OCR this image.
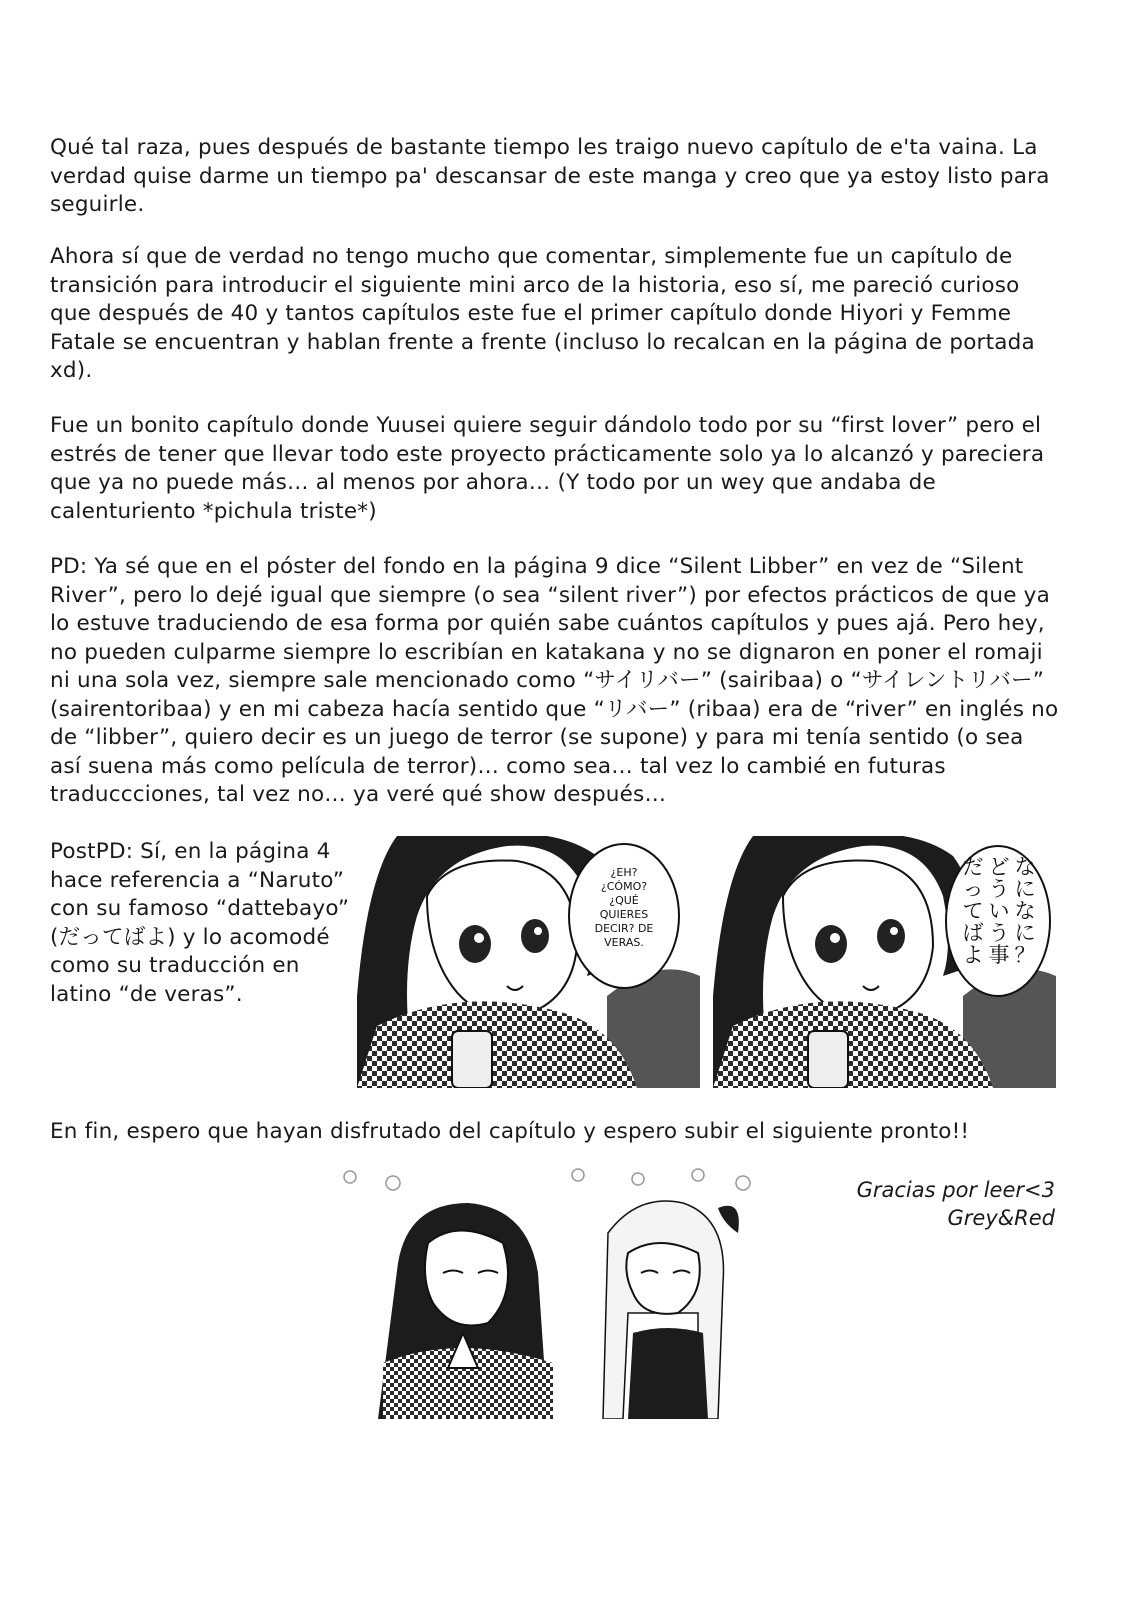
Qué tal raza, pues después de bastante tiempo les traigo nuevo capítulo de e'ta vaina. La verdad quise darme un tiempo pa' descansar de este manga y creo que ya estoy listo para seguirle.

Ahora sí que de verdad no tengo mucho que comentar, simplemente fue un capítulo de transición para introducir el siguiente mini arco de la historia, eso sí, me pareció curioso que después de 40 y tantos capítulos este fue el primer capítulo donde Hiyori y Femme Fatale se encuentran y hablan frente a frente (incluso lo recalcan en la página de portada xd).

Fue un bonito capítulo donde Yuusei quiere seguir dándolo todo por su “first lover” pero el estrés de tener que llevar todo este proyecto prácticamente solo ya lo alcanzó y pareciera que ya no puede más… al menos por ahora… (Y todo por un wey que andaba de calenturiento *pichula triste*)

PD: Ya sé que en el póster del fondo en la página 9 dice “Silent Libber” en vez de “Silent River”, pero lo dejé igual que siempre (o sea “silent river”) por efectos prácticos de que ya lo estuve traduciendo de esa forma por quién sabe cuántos capítulos y pues ajá. Pero hey, no pueden culparme siempre lo escribían en katakana y no se dignaron en poner el romaji ni una sola vez, siempre sale mencionado como “サイリバー” (sairibaa) o “サイレントリバー” (sairentoribaa) y en mi cabeza hacía sentido que “リバー” (ribaa) era de “river” en inglés no de “libber”, quiero decir es un juego de terror (se supone) y para mi tenía sentido (o sea así suena más como película de terror)… como sea… tal vez lo cambié en futuras traduccciones, tal vez no… ya veré qué show después…

PostPD: Sí, en la página 4 hace referencia a “Naruto” con su famoso “dattebayo” (だってばよ) y lo acomodé como su traducción en latino “de veras”.

¿EH?
¿CÓMO?
¿QUÉ
QUIERES
DECIR? DE
VERAS.
なになに？
どういう事
だってばよ

En fin, espero que hayan disfrutado del capítulo y espero subir el siguiente pronto!!

Gracias por leer<3
Grey&Red
